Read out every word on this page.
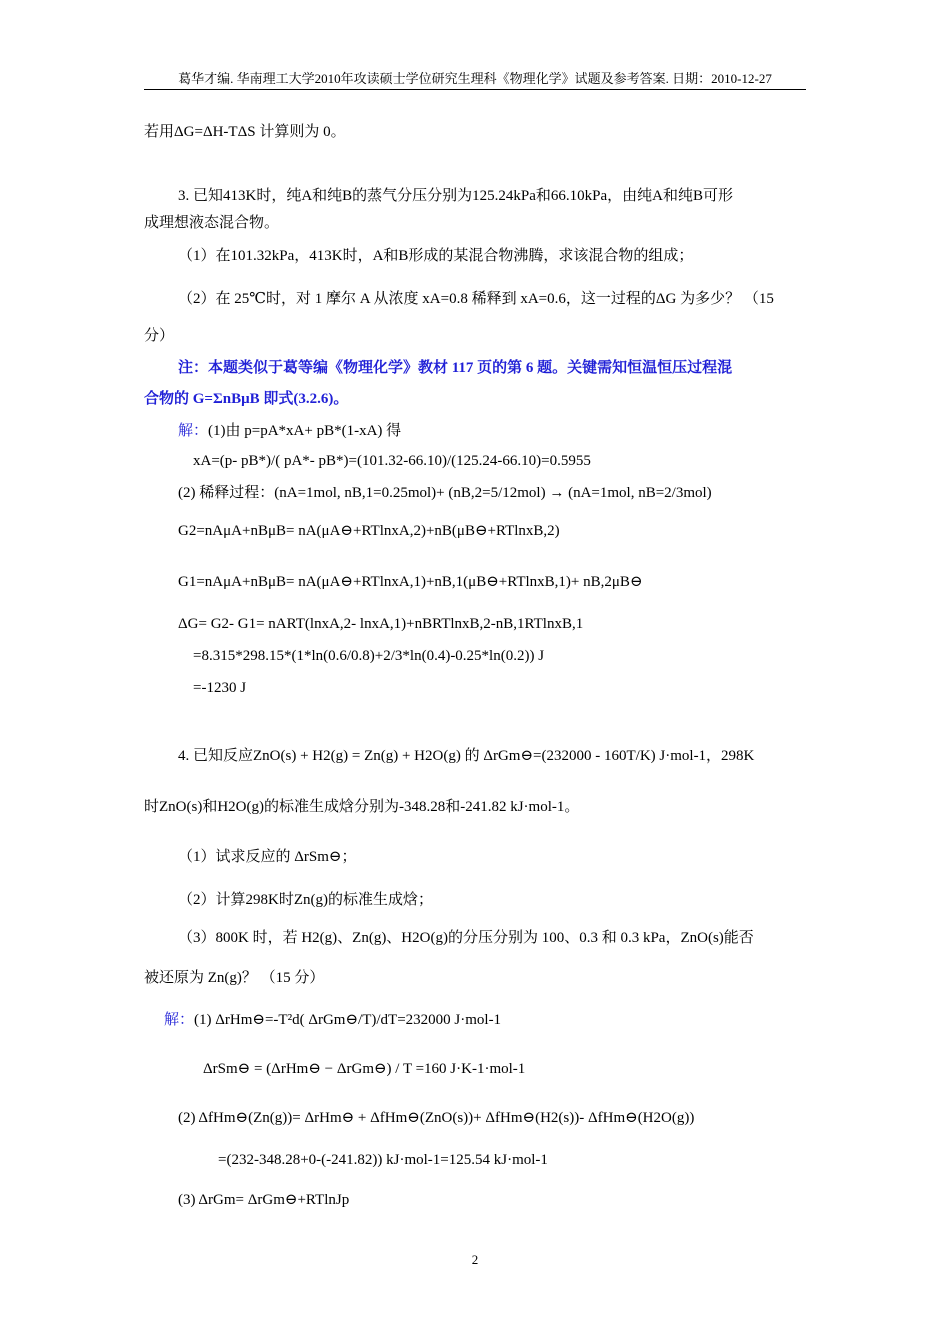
葛华才编. 华南理工大学2010年攻读硕士学位研究生理科《物理化学》试题及参考答案. 日期：2010-12-27
若用ΔG=ΔH-TΔS 计算则为 0。
3. 已知413K时，纯A和纯B的蒸气分压分别为125.24kPa和66.10kPa，由纯A和纯B可形
成理想液态混合物。
（1）在101.32kPa，413K时，A和B形成的某混合物沸腾，求该混合物的组成；
（2）在 25℃时，对 1 摩尔 A 从浓度 xA=0.8 稀释到 xA=0.6，这一过程的ΔG 为多少？ （15
分）
注：本题类似于葛等编《物理化学》教材 117 页的第 6 题。关键需知恒温恒压过程混
合物的 G=ΣnBμB 即式(3.2.6)。
解：(1)由 p=pA*xA+ pB*(1-xA) 得
xA=(p- pB*)/( pA*- pB*)=(101.32-66.10)/(125.24-66.10)=0.5955
(2) 稀释过程：(nA=1mol, nB,1=0.25mol)+ (nB,2=5/12mol) → (nA=1mol, nB=2/3mol)
G2=nAμA+nBμB= nA(μA⊖+RTlnxA,2)+nB(μB⊖+RTlnxB,2)
G1=nAμA+nBμB= nA(μA⊖+RTlnxA,1)+nB,1(μB⊖+RTlnxB,1)+ nB,2μB⊖
ΔG= G2- G1= nART(lnxA,2- lnxA,1)+nBRTlnxB,2-nB,1RTlnxB,1
=8.315*298.15*(1*ln(0.6/0.8)+2/3*ln(0.4)-0.25*ln(0.2)) J
=-1230 J
4. 已知反应ZnO(s) + H2(g) = Zn(g) + H2O(g) 的 ΔrGm⊖=(232000 - 160T/K) J·mol-1，298K
时ZnO(s)和H2O(g)的标准生成焓分别为-348.28和-241.82 kJ·mol-1。
（1）试求反应的 ΔrSm⊖；
（2）计算298K时Zn(g)的标准生成焓；
（3）800K 时，若 H2(g)、Zn(g)、H2O(g)的分压分别为 100、0.3 和 0.3 kPa，ZnO(s)能否
被还原为 Zn(g)？ （15 分）
解：(1) ΔrHm⊖=-T²d( ΔrGm⊖/T)/dT=232000 J·mol-1
ΔrSm⊖ = (ΔrHm⊖ − ΔrGm⊖) / T =160 J·K-1·mol-1
(2) ΔfHm⊖(Zn(g))= ΔrHm⊖ + ΔfHm⊖(ZnO(s))+ ΔfHm⊖(H2(s))- ΔfHm⊖(H2O(g))
=(232-348.28+0-(-241.82)) kJ·mol-1=125.54 kJ·mol-1
(3) ΔrGm= ΔrGm⊖+RTlnJp
2
